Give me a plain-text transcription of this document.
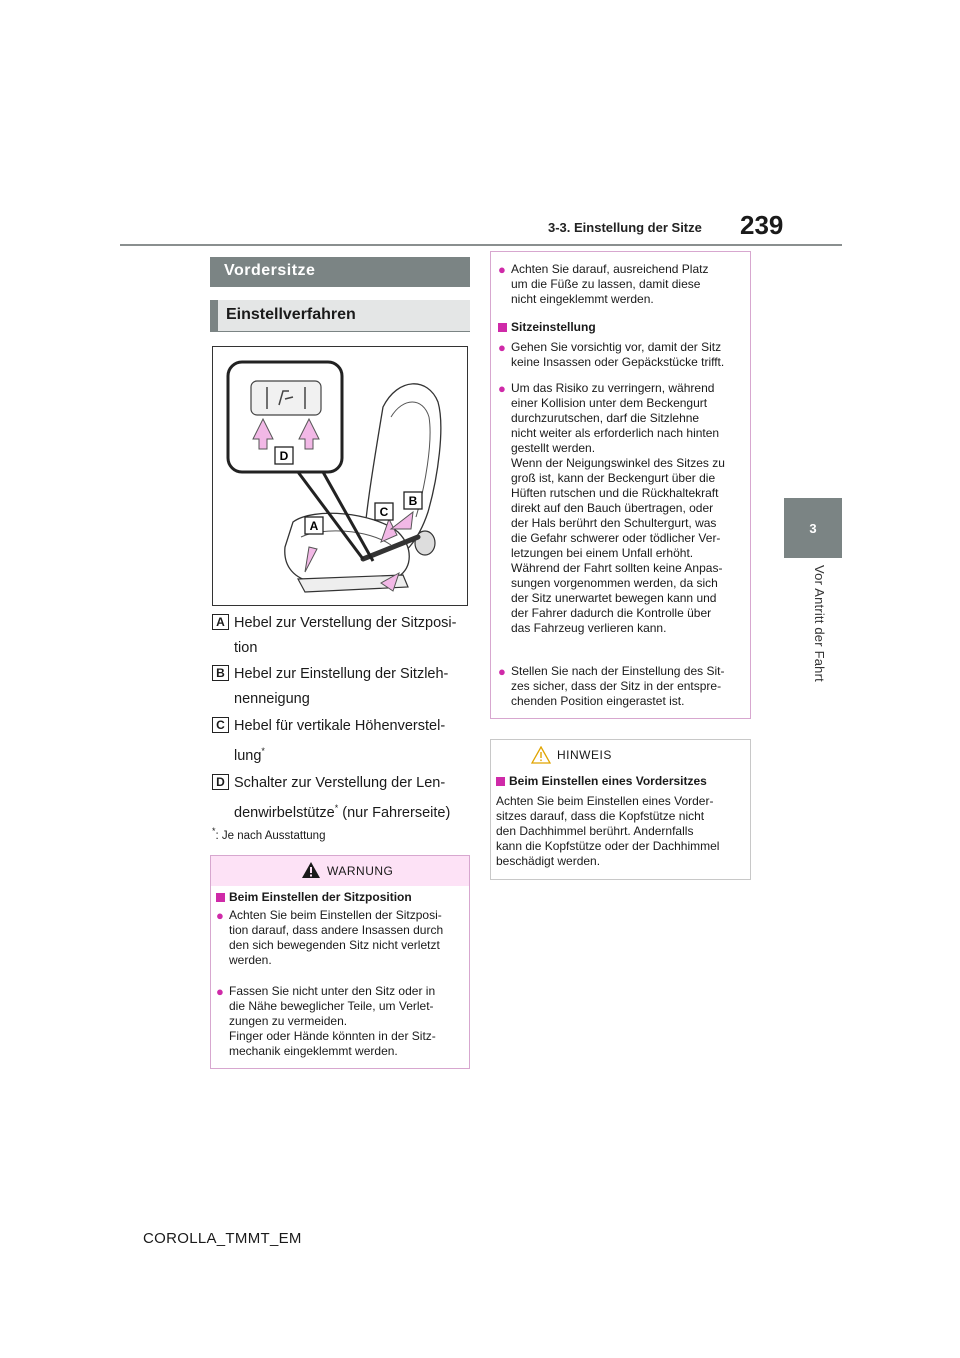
3-3. Einstellung der Sitze 239
3
Vor Antritt der Fahrt
Vordersitze
Einstellverfahren
D
A
C
B
A Hebel zur Verstellung der Sitzposi-
tion
B Hebel zur Einstellung der Sitzleh-
nenneigung
C Hebel für vertikale Höhenverstel-
lung*
D Schalter zur Verstellung der Len-
denwirbelstütze* (nur Fahrerseite)
*: Je nach Ausstattung
WARNUNG
Beim Einstellen der Sitzposition
● Achten Sie beim Einstellen der Sitzposi-
tion darauf, dass andere Insassen durch
den sich bewegenden Sitz nicht verletzt
werden.
● Fassen Sie nicht unter den Sitz oder in
die Nähe beweglicher Teile, um Verlet-
zungen zu vermeiden.
Finger oder Hände könnten in der Sitz-
mechanik eingeklemmt werden.
● Achten Sie darauf, ausreichend Platz
um die Füße zu lassen, damit diese
nicht eingeklemmt werden.
Sitzeinstellung
● Gehen Sie vorsichtig vor, damit der Sitz
keine Insassen oder Gepäckstücke trifft.
● Um das Risiko zu verringern, während
einer Kollision unter dem Beckengurt
durchzurutschen, darf die Sitzlehne
nicht weiter als erforderlich nach hinten
gestellt werden.
Wenn der Neigungswinkel des Sitzes zu
groß ist, kann der Beckengurt über die
Hüften rutschen und die Rückhaltekraft
direkt auf den Bauch übertragen, oder
der Hals berührt den Schultergurt, was
die Gefahr schwerer oder tödlicher Ver-
letzungen bei einem Unfall erhöht.
Während der Fahrt sollten keine Anpas-
sungen vorgenommen werden, da sich
der Sitz unerwartet bewegen kann und
der Fahrer dadurch die Kontrolle über
das Fahrzeug verlieren kann.
● Stellen Sie nach der Einstellung des Sit-
zes sicher, dass der Sitz in der entspre-
chenden Position eingerastet ist.
HINWEIS
Beim Einstellen eines Vordersitzes
Achten Sie beim Einstellen eines Vorder-
sitzes darauf, dass die Kopfstütze nicht
den Dachhimmel berührt. Andernfalls
kann die Kopfstütze oder der Dachhimmel
beschädigt werden.
COROLLA_TMMT_EM
